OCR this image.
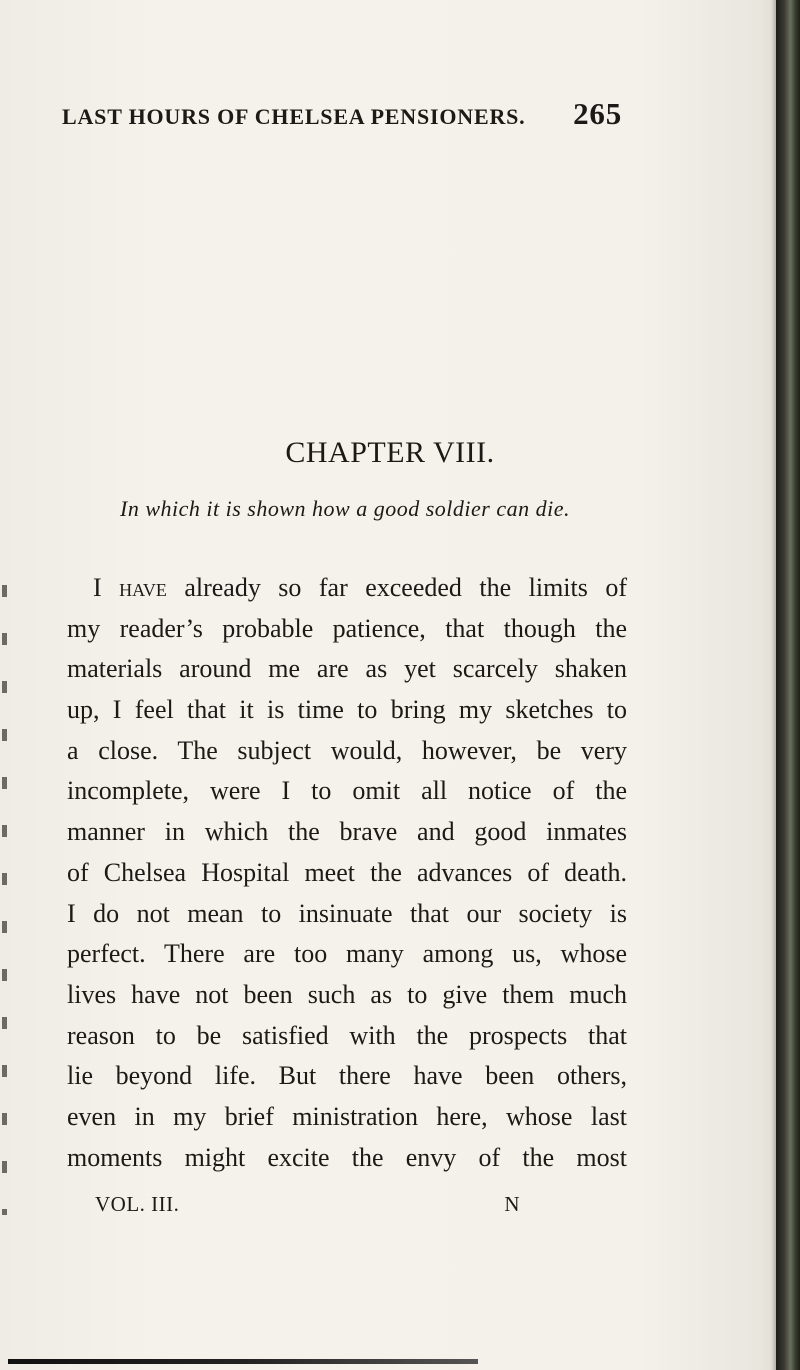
LAST HOURS OF CHELSEA PENSIONERS. 265
CHAPTER VIII.
In which it is shown how a good soldier can die.
I have already so far exceeded the limits of
my reader’s probable patience, that though the
materials around me are as yet scarcely shaken
up, I feel that it is time to bring my sketches to
a close. The subject would, however, be very
incomplete, were I to omit all notice of the
manner in which the brave and good inmates
of Chelsea Hospital meet the advances of death.
I do not mean to insinuate that our society is
perfect. There are too many among us, whose
lives have not been such as to give them much
reason to be satisfied with the prospects that
lie beyond life. But there have been others,
even in my brief ministration here, whose last
moments might excite the envy of the most
VOL. III.	N
